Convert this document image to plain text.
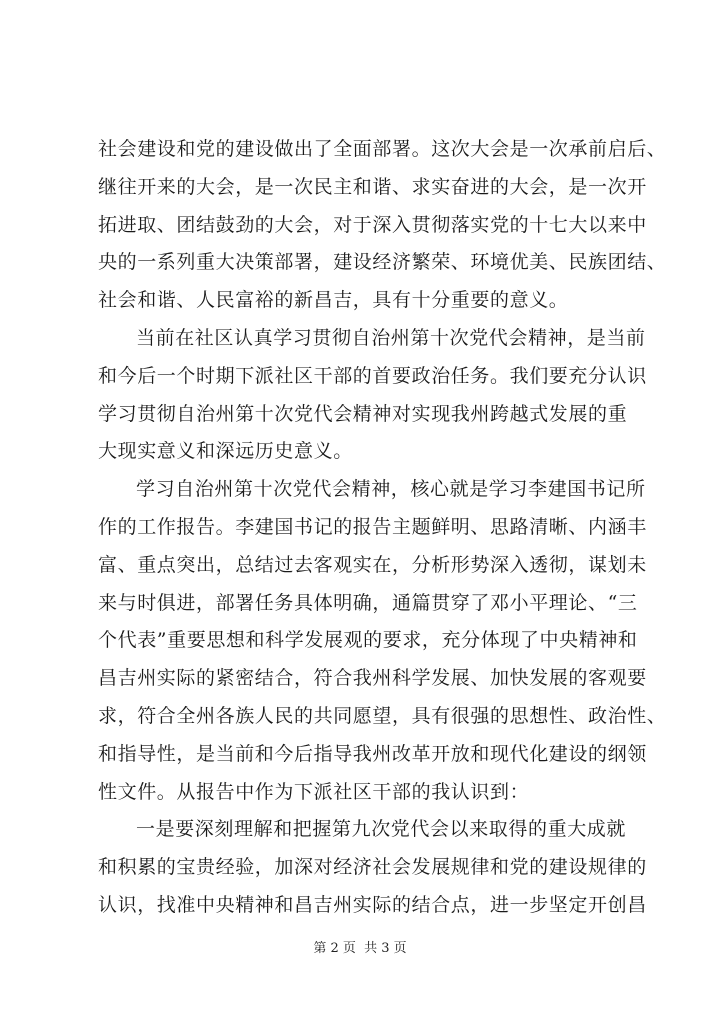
社会建设和党的建设做出了全面部署。这次大会是一次承前启后、
继往开来的大会，是一次民主和谐、求实奋进的大会，是一次开
拓进取、团结鼓劲的大会，对于深入贯彻落实党的十七大以来中
央的一系列重大决策部署，建设经济繁荣、环境优美、民族团结、
社会和谐、人民富裕的新昌吉，具有十分重要的意义。
当前在社区认真学习贯彻自治州第十次党代会精神，是当前
和今后一个时期下派社区干部的首要政治任务。我们要充分认识
学习贯彻自治州第十次党代会精神对实现我州跨越式发展的重
大现实意义和深远历史意义。
学习自治州第十次党代会精神，核心就是学习李建国书记所
作的工作报告。李建国书记的报告主题鲜明、思路清晰、内涵丰
富、重点突出，总结过去客观实在，分析形势深入透彻，谋划未
来与时俱进，部署任务具体明确，通篇贯穿了邓小平理论、“三
个代表”重要思想和科学发展观的要求，充分体现了中央精神和
昌吉州实际的紧密结合，符合我州科学发展、加快发展的客观要
求，符合全州各族人民的共同愿望，具有很强的思想性、政治性、
和指导性，是当前和今后指导我州改革开放和现代化建设的纲领
性文件。从报告中作为下派社区干部的我认识到：
一是要深刻理解和把握第九次党代会以来取得的重大成就
和积累的宝贵经验，加深对经济社会发展规律和党的建设规律的
认识，找准中央精神和昌吉州实际的结合点，进一步坚定开创昌
第 2 页  共 3 页
